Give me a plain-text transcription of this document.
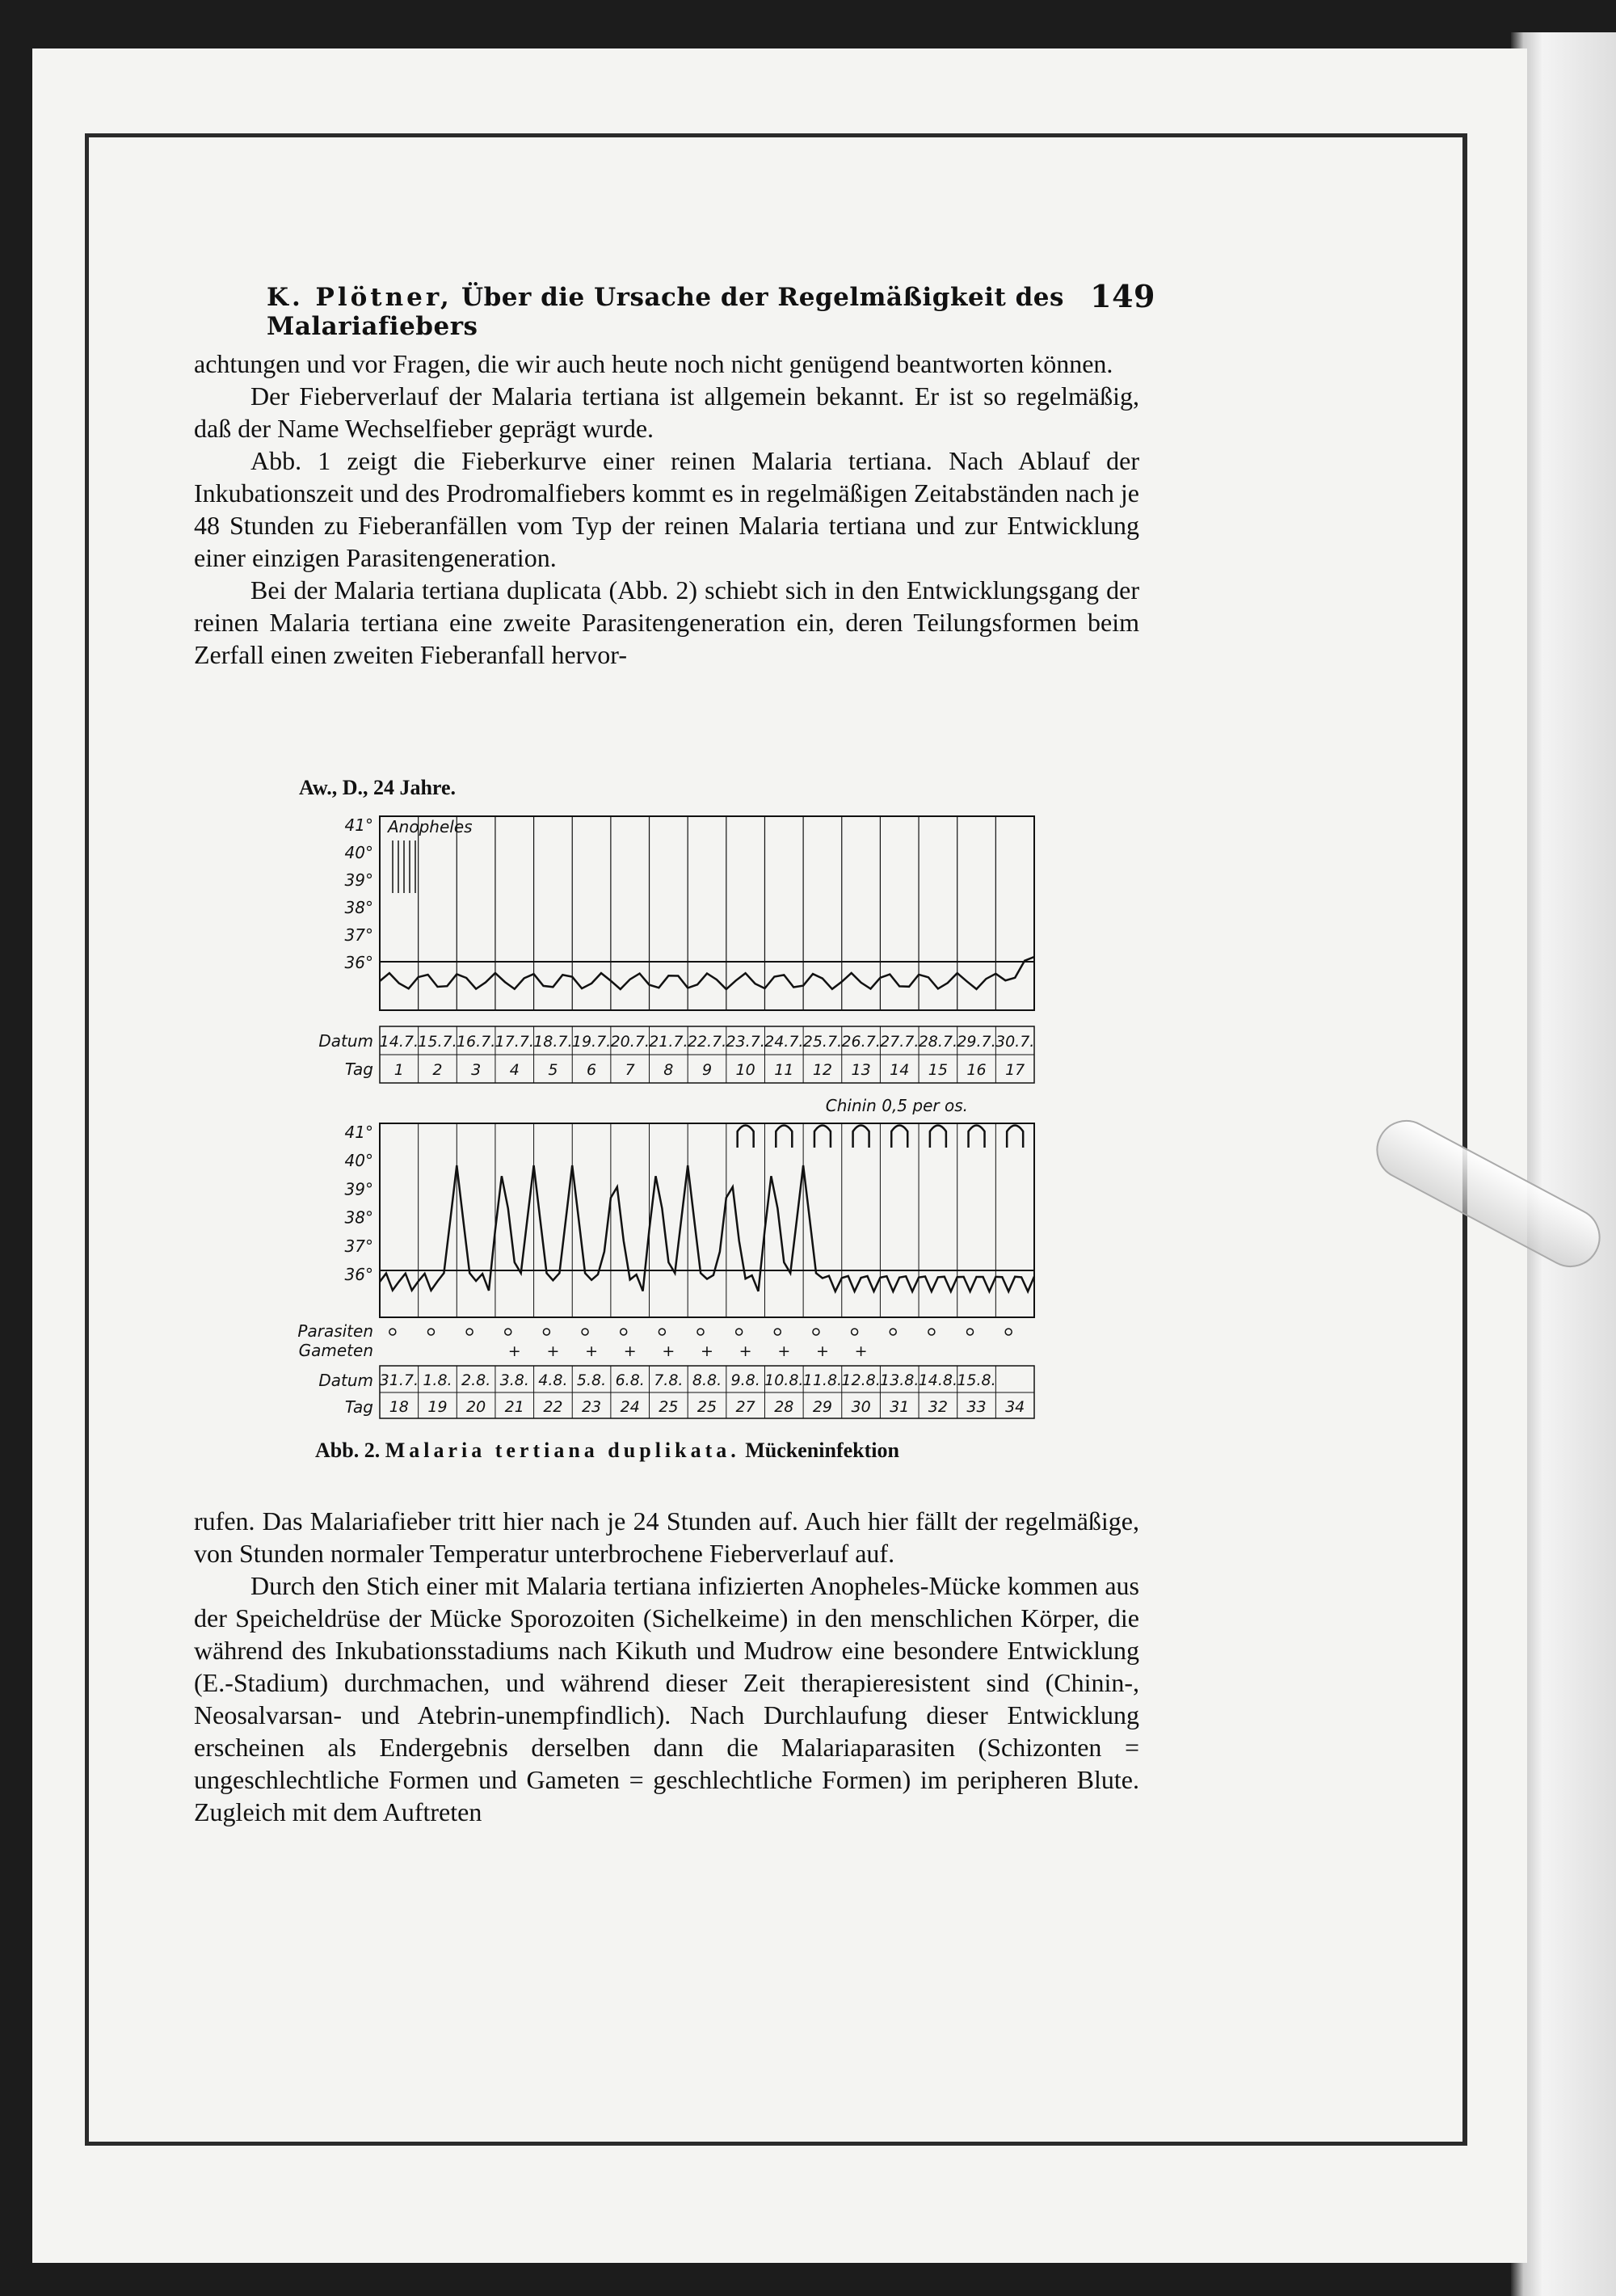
K. Plötner, Über die Ursache der Regelmäßigkeit des Malariafiebers
149

achtungen und vor Fragen, die wir auch heute noch nicht genügend beantworten können.

Der Fieberverlauf der Malaria tertiana ist allgemein bekannt. Er ist so regelmäßig, daß der Name Wechselfieber geprägt wurde.

Abb. 1 zeigt die Fieberkurve einer reinen Malaria tertiana. Nach Ablauf der Inkubationszeit und des Prodromalfiebers kommt es in regelmäßigen Zeitabständen nach je 48 Stunden zu Fieberanfällen vom Typ der reinen Malaria tertiana und zur Entwicklung einer einzigen Parasitengeneration.

Bei der Malaria tertiana duplicata (Abb. 2) schiebt sich in den Entwicklungsgang der reinen Malaria tertiana eine zweite Parasitengeneration ein, deren Teilungsformen beim Zerfall einen zweiten Fieberanfall hervor-

Aw., D., 24 Jahre.
41°
40°
39°
38°
37°
36°
Anopheles
Datum
Tag
14.7.
1
15.7.
2
16.7.
3
17.7.
4
18.7.
5
19.7.
6
20.7.
7
21.7.
8
22.7.
9
23.7.
10
24.7.
11
25.7.
12
26.7.
13
27.7.
14
28.7.
15
29.7.
16
30.7.
17
Chinin 0,5 per os.
41°
40°
39°
38°
37°
36°
Parasiten
Gameten
Datum
Tag
31.7.
18
1.8.
19
2.8.
20
3.8.
21
4.8.
22
5.8.
23
6.8.
24
7.8.
25
8.8.
25
9.8.
27
10.8.
28
11.8.
29
12.8.
30
13.8.
31
14.8.
32
15.8.
33 34
+ + + + + + + + + +
Abb. 2. Malaria tertiana duplikata. Mückeninfektion

rufen. Das Malariafieber tritt hier nach je 24 Stunden auf. Auch hier fällt der regelmäßige, von Stunden normaler Temperatur unterbrochene Fieberverlauf auf.

Durch den Stich einer mit Malaria tertiana infizierten Anopheles-Mücke kommen aus der Speicheldrüse der Mücke Sporozoiten (Sichelkeime) in den menschlichen Körper, die während des Inkubationsstadiums nach Kikuth und Mudrow eine besondere Entwicklung (E.-Stadium) durchmachen, und während dieser Zeit therapieresistent sind (Chinin-, Neosalvarsan- und Atebrin-unempfindlich). Nach Durchlaufung dieser Entwicklung erscheinen als Endergebnis derselben dann die Malariaparasiten (Schizonten = ungeschlechtliche Formen und Gameten = geschlechtliche Formen) im peripheren Blute. Zugleich mit dem Auftreten
